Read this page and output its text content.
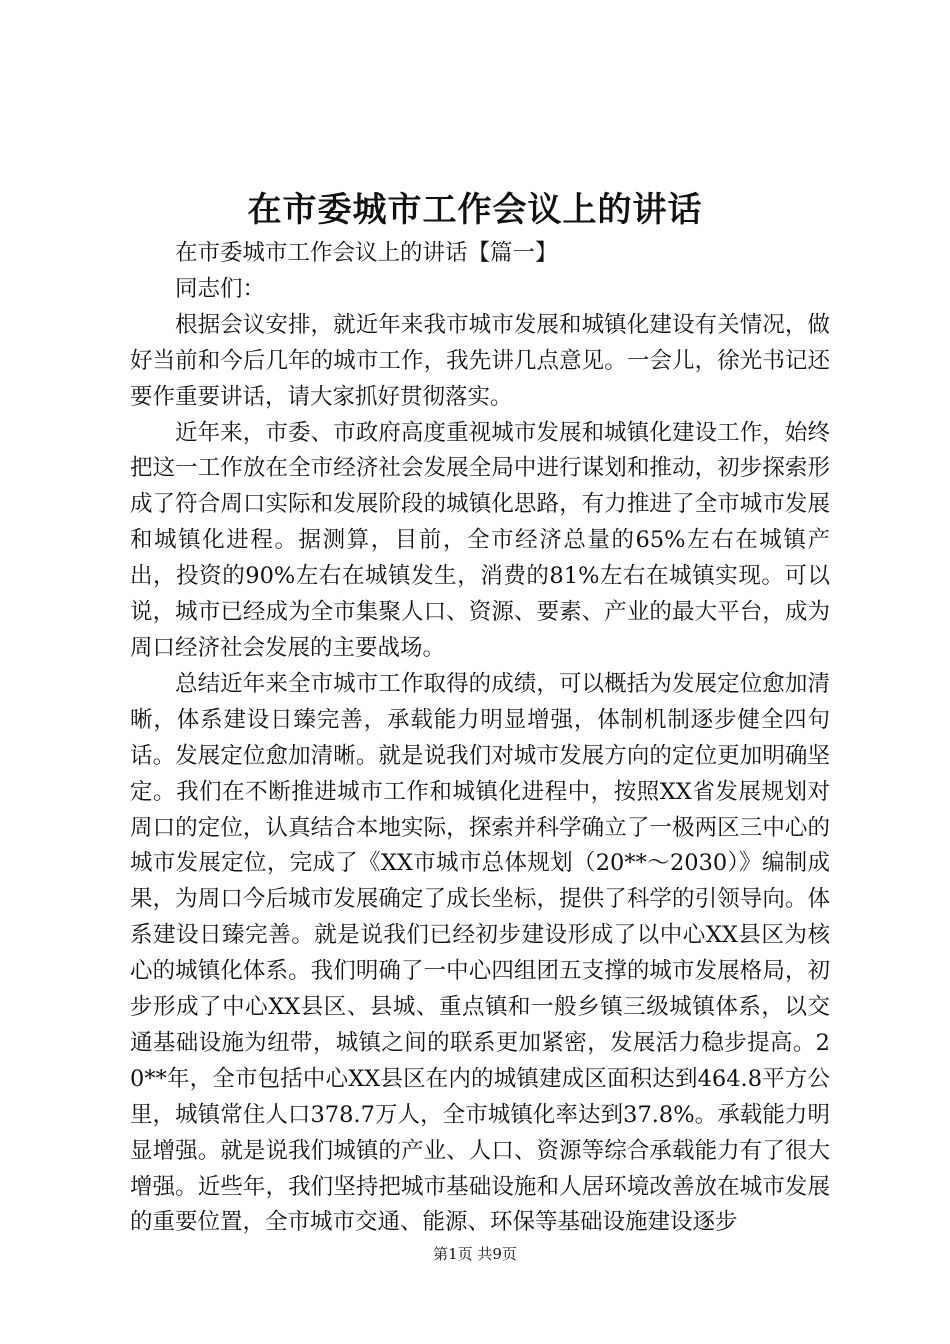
在市委城市工作会议上的讲话

在市委城市工作会议上的讲话【篇一】

同志们：

根据会议安排，就近年来我市城市发展和城镇化建设有关情况，做好当前和今后几年的城市工作，我先讲几点意见。一会儿，徐光书记还要作重要讲话，请大家抓好贯彻落实。

近年来，市委、市政府高度重视城市发展和城镇化建设工作，始终把这一工作放在全市经济社会发展全局中进行谋划和推动，初步探索形成了符合周口实际和发展阶段的城镇化思路，有力推进了全市城市发展和城镇化进程。据测算，目前，全市经济总量的65%左右在城镇产出，投资的90%左右在城镇发生，消费的81%左右在城镇实现。可以说，城市已经成为全市集聚人口、资源、要素、产业的最大平台，成为周口经济社会发展的主要战场。

总结近年来全市城市工作取得的成绩，可以概括为发展定位愈加清晰，体系建设日臻完善，承载能力明显增强，体制机制逐步健全四句话。发展定位愈加清晰。就是说我们对城市发展方向的定位更加明确坚定。我们在不断推进城市工作和城镇化进程中，按照XX省发展规划对周口的定位，认真结合本地实际，探索并科学确立了一极两区三中心的城市发展定位，完成了《XX市城市总体规划（20**～2030）》编制成果，为周口今后城市发展确定了成长坐标，提供了科学的引领导向。体系建设日臻完善。就是说我们已经初步建设形成了以中心XX县区为核心的城镇化体系。我们明确了一中心四组团五支撑的城市发展格局，初步形成了中心XX县区、县城、重点镇和一般乡镇三级城镇体系，以交通基础设施为纽带，城镇之间的联系更加紧密，发展活力稳步提高。20**年，全市包括中心XX县区在内的城镇建成区面积达到464.8平方公里，城镇常住人口378.7万人，全市城镇化率达到37.8%。承载能力明显增强。就是说我们城镇的产业、人口、资源等综合承载能力有了很大增强。近些年，我们坚持把城市基础设施和人居环境改善放在城市发展的重要位置，全市城市交通、能源、环保等基础设施建设逐步

第1页 共9页
